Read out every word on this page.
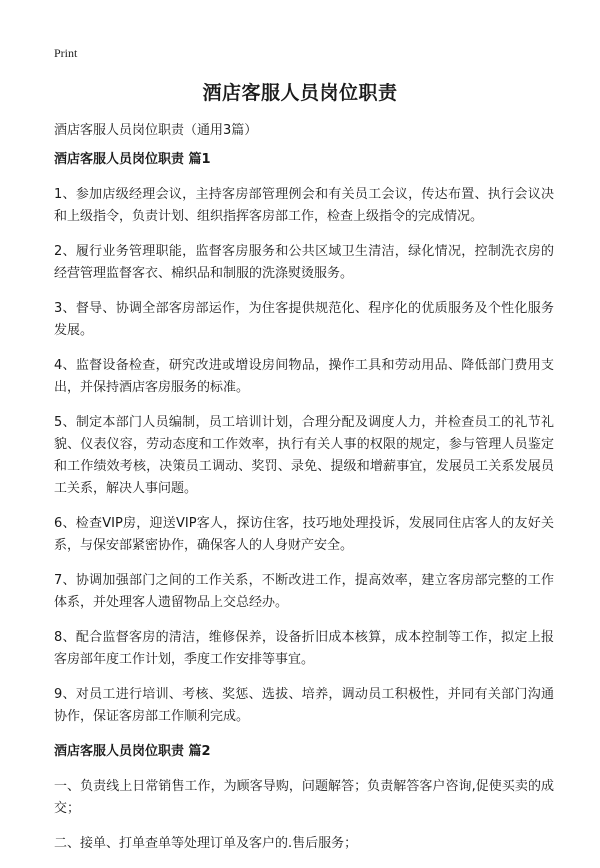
Print
酒店客服人员岗位职责
酒店客服人员岗位职责（通用3篇）
酒店客服人员岗位职责 篇1

1、参加店级经理会议，主持客房部管理例会和有关员工会议，传达布置、执行会议决和上级指令，负责计划、组织指挥客房部工作，检查上级指令的完成情况。

2、履行业务管理职能，监督客房服务和公共区域卫生清洁，绿化情况，控制洗衣房的经营管理监督客衣、棉织品和制服的洗涤熨烫服务。

3、督导、协调全部客房部运作，为住客提供规范化、程序化的优质服务及个性化服务发展。

4、监督设备检查，研究改进或增设房间物品，操作工具和劳动用品、降低部门费用支出，并保持酒店客房服务的标准。

5、制定本部门人员编制，员工培训计划，合理分配及调度人力，并检查员工的礼节礼貌、仪表仪容，劳动态度和工作效率，执行有关人事的权限的规定，参与管理人员鉴定和工作绩效考核，决策员工调动、奖罚、录免、提级和增薪事宜，发展员工关系发展员工关系，解决人事问题。

6、检查VIP房，迎送VIP客人，探访住客，技巧地处理投诉，发展同住店客人的友好关系，与保安部紧密协作，确保客人的人身财产安全。

7、协调加强部门之间的工作关系，不断改进工作，提高效率，建立客房部完整的工作体系，并处理客人遗留物品上交总经办。

8、配合监督客房的清洁，维修保养，设备折旧成本核算，成本控制等工作，拟定上报客房部年度工作计划，季度工作安排等事宜。

9、对员工进行培训、考核、奖惩、选拔、培养，调动员工积极性，并同有关部门沟通协作，保证客房部工作顺利完成。

酒店客服人员岗位职责 篇2

一、负责线上日常销售工作，为顾客导购，问题解答；负责解答客户咨询,促使买卖的成交；

二、接单、打单查单等处理订单及客户的.售后服务；
